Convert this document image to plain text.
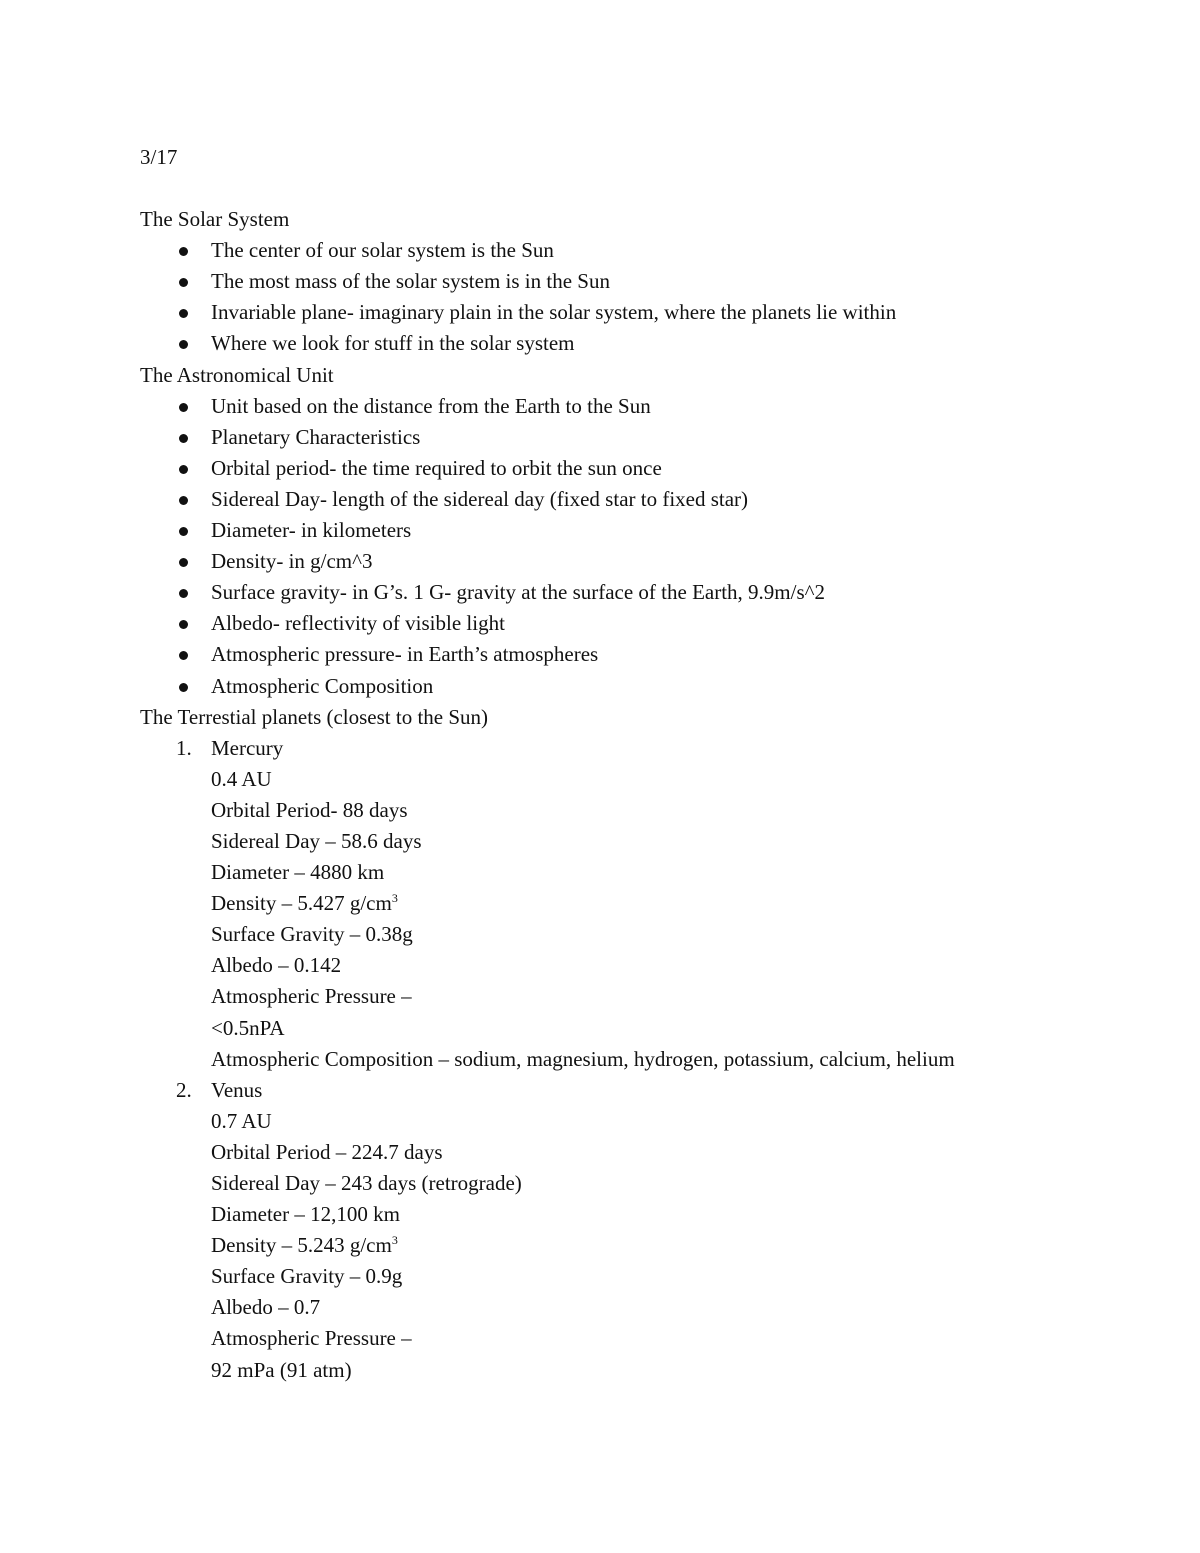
3/17
The Solar System
The center of our solar system is the Sun
The most mass of the solar system is in the Sun
Invariable plane- imaginary plain in the solar system, where the planets lie within
Where we look for stuff in the solar system
The Astronomical Unit
Unit based on the distance from the Earth to the Sun
Planetary Characteristics
Orbital period- the time required to orbit the sun once
Sidereal Day- length of the sidereal day (fixed star to fixed star)
Diameter- in kilometers
Density- in g/cm^3
Surface gravity- in G’s. 1 G- gravity at the surface of the Earth, 9.9m/s^2
Albedo- reflectivity of visible light
Atmospheric pressure- in Earth’s atmospheres
Atmospheric Composition
The Terrestial planets (closest to the Sun)
1. Mercury
0.4 AU
Orbital Period- 88 days
Sidereal Day – 58.6 days
Diameter – 4880 km
Density – 5.427 $g/cm^3$
Surface Gravity – 0.38g
Albedo – 0.142
Atmospheric Pressure –
<0.5nPA
Atmospheric Composition – sodium, magnesium, hydrogen, potassium, calcium, helium
2. Venus
0.7 AU
Orbital Period – 224.7 days
Sidereal Day – 243 days (retrograde)
Diameter – 12,100 km
Density – 5.243 $g/cm^3$
Surface Gravity – 0.9g
Albedo – 0.7
Atmospheric Pressure –
92 mPa (91 atm)
